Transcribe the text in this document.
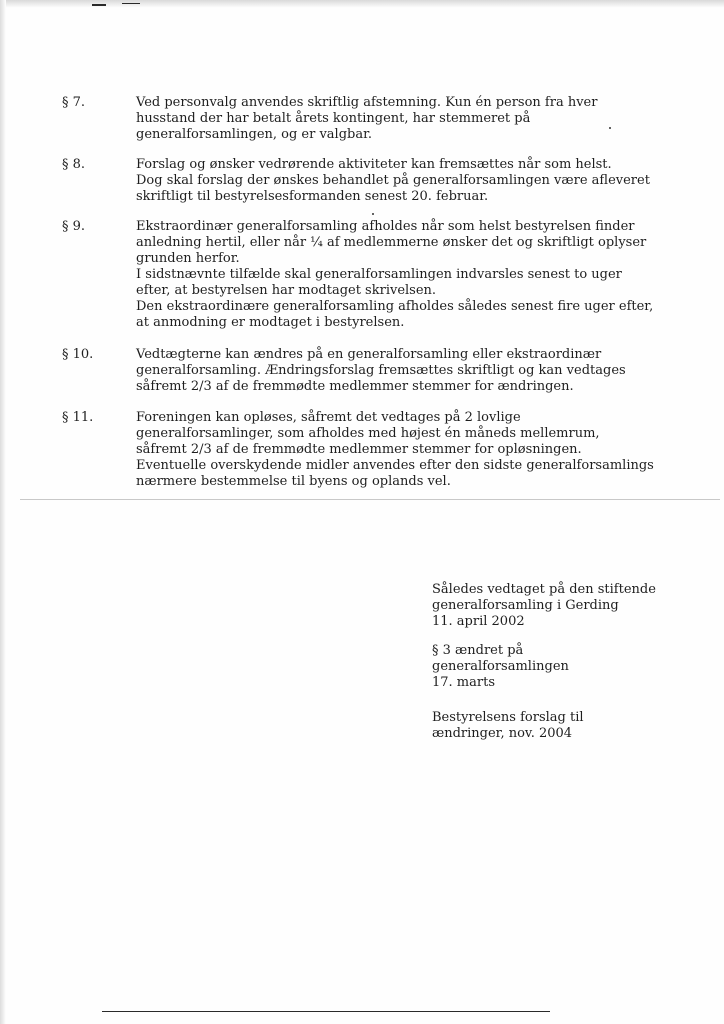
§ 7.	Ved personvalg anvendes skriftlig afstemning. Kun én person fra hver

husstand der har betalt årets kontingent, har stemmeret på

generalforsamlingen, og er valgbar.

§ 8.	Forslag og ønsker vedrørende aktiviteter kan fremsættes når som helst.

Dog skal forslag der ønskes behandlet på generalforsamlingen være afleveret

skriftligt til bestyrelsesformanden senest 20. februar.

§ 9.	Ekstraordinær generalforsamling afholdes når som helst bestyrelsen finder

anledning hertil, eller når ¼ af medlemmerne ønsker det og skriftligt oplyser

grunden herfor.

I sidstnævnte tilfælde skal generalforsamlingen indvarsles senest to uger

efter, at bestyrelsen har modtaget skrivelsen.

Den ekstraordinære generalforsamling afholdes således senest fire uger efter,

at anmodning er modtaget i bestyrelsen.

§ 10.	Vedtægterne kan ændres på en generalforsamling eller ekstraordinær

generalforsamling. Ændringsforslag fremsættes skriftligt og kan vedtages

såfremt 2/3 af de fremmødte medlemmer stemmer for ændringen.

§ 11.	Foreningen kan opløses, såfremt det vedtages på 2 lovlige

generalforsamlinger, som afholdes med højest én måneds mellemrum,

såfremt 2/3 af de fremmødte medlemmer stemmer for opløsningen.

Eventuelle overskydende midler anvendes efter den sidste generalforsamlings

nærmere bestemmelse til byens og oplands vel.

Således vedtaget på den stiftende

generalforsamling i Gerding

11. april 2002

§ 3 ændret på

generalforsamlingen

17. marts

Bestyrelsens forslag til

ændringer, nov. 2004
